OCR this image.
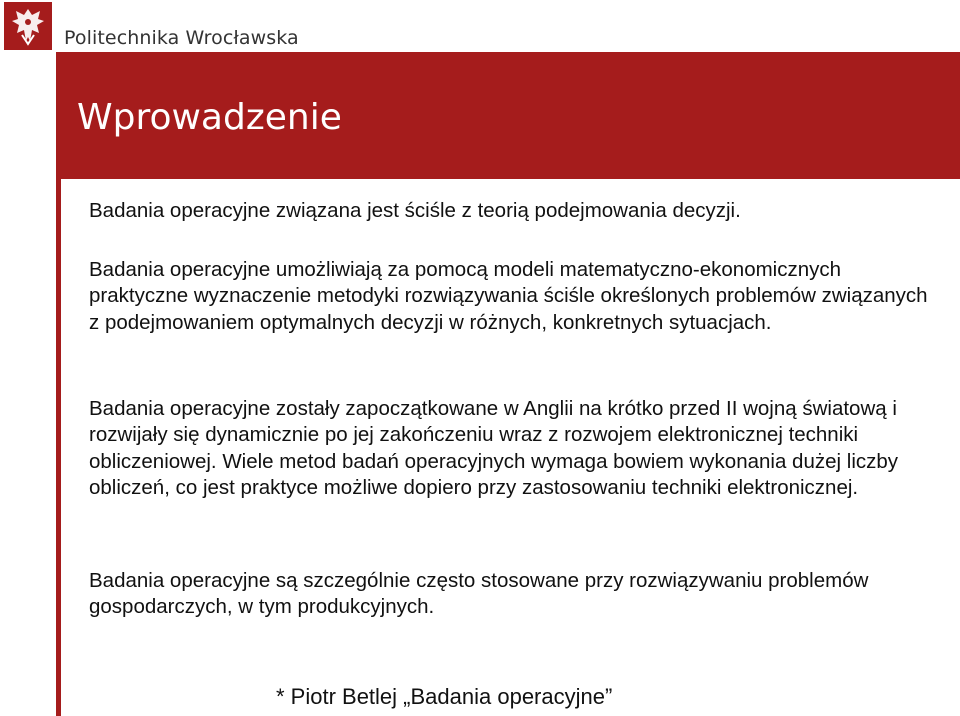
Politechnika Wrocławska
Wprowadzenie

Badania operacyjne związana jest ściśle z teorią podejmowania decyzji.

Badania operacyjne umożliwiają za pomocą modeli matematyczno-ekonomicznych praktyczne wyznaczenie metodyki rozwiązywania ściśle określonych problemów związanych z podejmowaniem optymalnych decyzji w różnych, konkretnych sytuacjach.

Badania operacyjne zostały zapoczątkowane w Anglii na krótko przed II wojną światową i rozwijały się dynamicznie po jej zakończeniu wraz z rozwojem elektronicznej techniki obliczeniowej. Wiele metod badań operacyjnych wymaga bowiem wykonania dużej liczby obliczeń, co jest praktyce możliwe dopiero przy zastosowaniu techniki elektronicznej.

Badania operacyjne są szczególnie często stosowane przy rozwiązywaniu problemów gospodarczych, w tym produkcyjnych.

* Piotr Betlej „Badania operacyjne”
